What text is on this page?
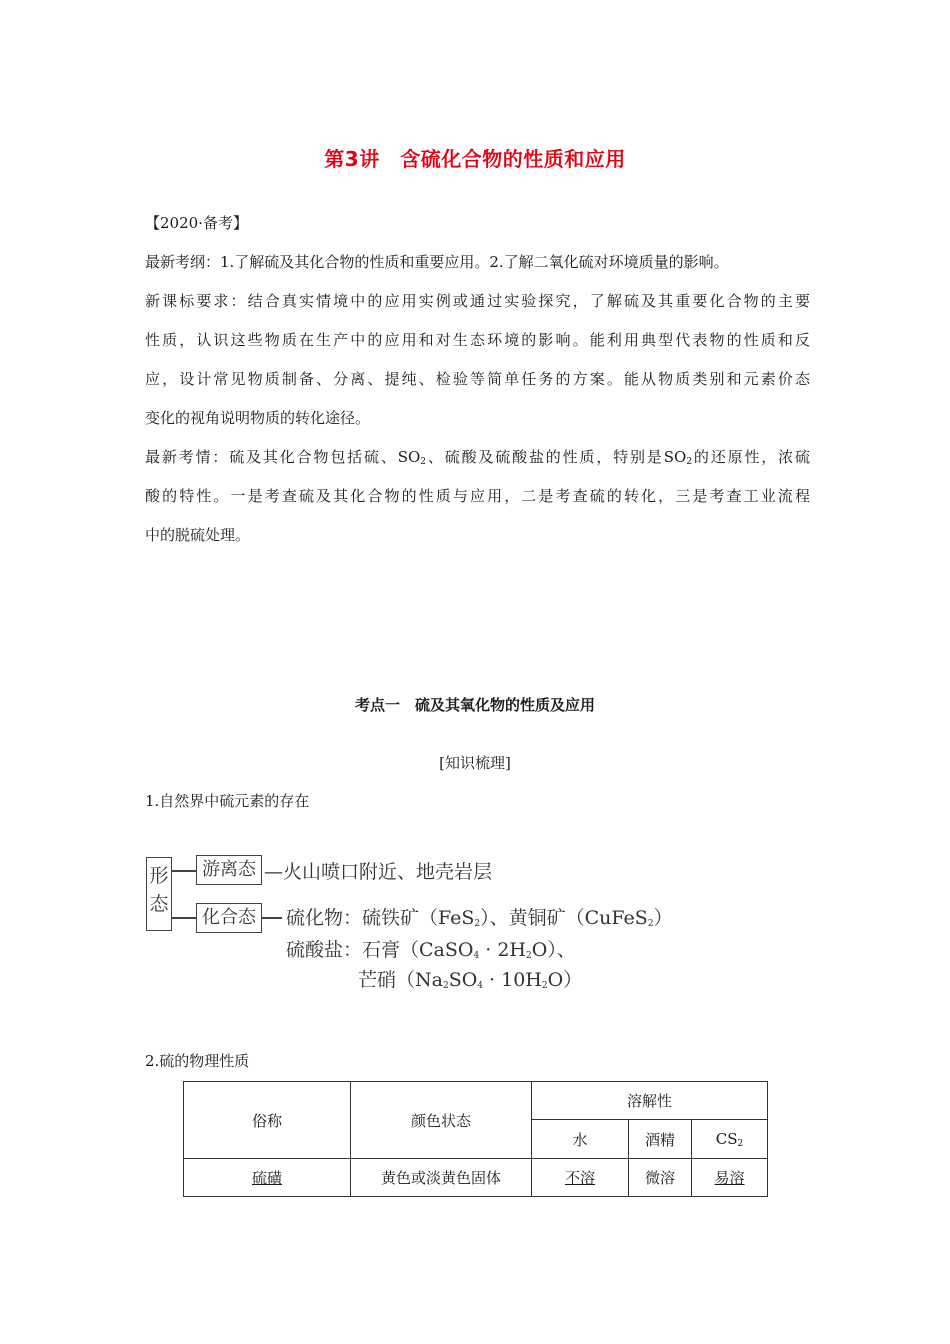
第3讲　含硫化合物的性质和应用
【2020·备考】
最新考纲：1.了解硫及其化合物的性质和重要应用。2.了解二氧化硫对环境质量的影响。
新课标要求：结合真实情境中的应用实例或通过实验探究，了解硫及其重要化合物的主要
性质，认识这些物质在生产中的应用和对生态环境的影响。能利用典型代表物的性质和反
应，设计常见物质制备、分离、提纯、检验等简单任务的方案。能从物质类别和元素价态
变化的视角说明物质的转化途径。
最新考情：硫及其化合物包括硫、$SO_2$、硫酸及硫酸盐的性质，特别是$SO_2$的还原性，浓硫
酸的特性。一是考查硫及其化合物的性质与应用，二是考查硫的转化，三是考查工业流程
中的脱硫处理。
考点一　硫及其氧化物的性质及应用
[知识梳理]
1.自然界中硫元素的存在
形
态
游离态 —火山喷口附近、地壳岩层
化合态	硫化物：硫铁矿（FeS$_2$）、黄铜矿（CuFeS$_2$）
硫酸盐：石膏（CaSO$_4$ · $2H_2O$）、
芒硝$(Na_2SO_4 \cdot 10H_2O)$
2.硫的物理性质
俗称	颜色状态	溶解性		
		水	酒精	$CS_2$
硫磺	黄色或淡黄色固体	不溶	微溶	易溶
